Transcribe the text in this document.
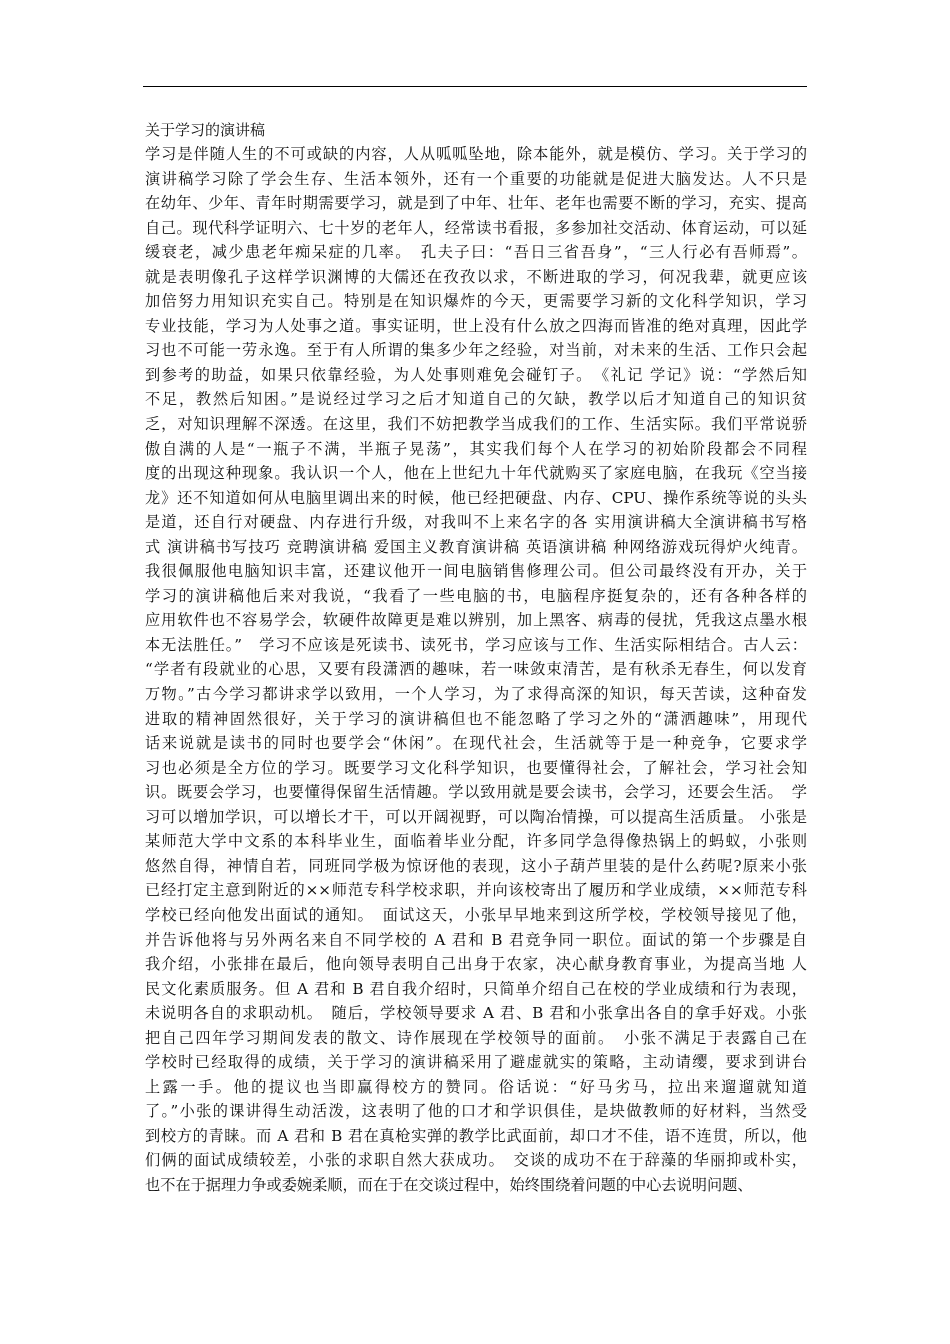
关于学习的演讲稿
学习是伴随人生的不可或缺的内容，人从呱呱坠地，除本能外，就是模仿、学习。关于学习的
演讲稿学习除了学会生存、生活本领外，还有一个重要的功能就是促进大脑发达。人不只是
在幼年、少年、青年时期需要学习，就是到了中年、壮年、老年也需要不断的学习，充实、提高
自己。现代科学证明六、七十岁的老年人，经常读书看报，多参加社交活动、体育运动，可以延
缓衰老，减少患老年痴呆症的几率。　孔夫子曰：“吾日三省吾身”，“三人行必有吾师焉”。
就是表明像孔子这样学识渊博的大儒还在孜孜以求，不断进取的学习，何况我辈，就更应该
加倍努力用知识充实自己。特别是在知识爆炸的今天，更需要学习新的文化科学知识，学习
专业技能，学习为人处事之道。事实证明，世上没有什么放之四海而皆准的绝对真理，因此学
习也不可能一劳永逸。至于有人所谓的集多少年之经验，对当前，对未来的生活、工作只会起
到参考的助益，如果只依靠经验，为人处事则难免会碰钉子。　《礼记 学记》说：“学然后知
不足，教然后知困。”是说经过学习之后才知道自己的欠缺，教学以后才知道自己的知识贫
乏，对知识理解不深透。在这里，我们不妨把教学当成我们的工作、生活实际。我们平常说骄
傲自满的人是“一瓶子不满，半瓶子晃荡”，其实我们每个人在学习的初始阶段都会不同程
度的出现这种现象。我认识一个人，他在上世纪九十年代就购买了家庭电脑，在我玩《空当接
龙》还不知道如何从电脑里调出来的时候，他已经把硬盘、内存、CPU、操作系统等说的头头
是道，还自行对硬盘、内存进行升级，对我叫不上来名字的各 实用演讲稿大全演讲稿书写格
式 演讲稿书写技巧 竞聘演讲稿 爱国主义教育演讲稿 英语演讲稿 种网络游戏玩得炉火纯青。
我很佩服他电脑知识丰富，还建议他开一间电脑销售修理公司。但公司最终没有开办，关于
学习的演讲稿他后来对我说，“我看了一些电脑的书，电脑程序挺复杂的，还有各种各样的
应用软件也不容易学会，软硬件故障更是难以辨别，加上黑客、病毒的侵扰，凭我这点墨水根
本无法胜任。”　学习不应该是死读书、读死书，学习应该与工作、生活实际相结合。古人云：
“学者有段就业的心思，又要有段潇洒的趣味，若一味敛束清苦，是有秋杀无春生，何以发育
万物。”古今学习都讲求学以致用，一个人学习，为了求得高深的知识，每天苦读，这种奋发
进取的精神固然很好，关于学习的演讲稿但也不能忽略了学习之外的“潇洒趣味”，用现代
话来说就是读书的同时也要学会“休闲”。在现代社会，生活就等于是一种竞争，它要求学
习也必须是全方位的学习。既要学习文化科学知识，也要懂得社会，了解社会，学习社会知
识。既要会学习，也要懂得保留生活情趣。学以致用就是要会读书，会学习，还要会生活。　学
习可以增加学识，可以增长才干，可以开阔视野，可以陶冶情操，可以提高生活质量。 小张是
某师范大学中文系的本科毕业生，面临着毕业分配，许多同学急得像热锅上的蚂蚁，小张则
悠然自得，神情自若，同班同学极为惊讶他的表现，这小子葫芦里装的是什么药呢?原来小张
已经打定主意到附近的××师范专科学校求职，并向该校寄出了履历和学业成绩，××师范专科
学校已经向他发出面试的通知。　面试这天，小张早早地来到这所学校，学校领导接见了他，
并告诉他将与另外两名来自不同学校的 A 君和 B 君竞争同一职位。面试的第一个步骤是自
我介绍，小张排在最后，他向领导表明自己出身于农家，决心献身教育事业，为提高当地 人
民文化素质服务。但 A 君和 B 君自我介绍时，只简单介绍自己在校的学业成绩和行为表现，
未说明各自的求职动机。　随后，学校领导要求 A 君、B 君和小张拿出各自的拿手好戏。小张
把自己四年学习期间发表的散文、诗作展现在学校领导的面前。　小张不满足于表露自己在
学校时已经取得的成绩，关于学习的演讲稿采用了避虚就实的策略，主动请缨，要求到讲台
上露一手。他的提议也当即赢得校方的赞同。俗话说：“好马劣马，拉出来遛遛就知道
了。”小张的课讲得生动活泼，这表明了他的口才和学识俱佳，是块做教师的好材料，当然受
到校方的青睐。而 A 君和 B 君在真枪实弹的教学比武面前，却口才不佳，语不连贯，所以，他
们俩的面试成绩较差，小张的求职自然大获成功。　交谈的成功不在于辞藻的华丽抑或朴实，
也不在于据理力争或委婉柔顺，而在于在交谈过程中，始终围绕着问题的中心去说明问题、
